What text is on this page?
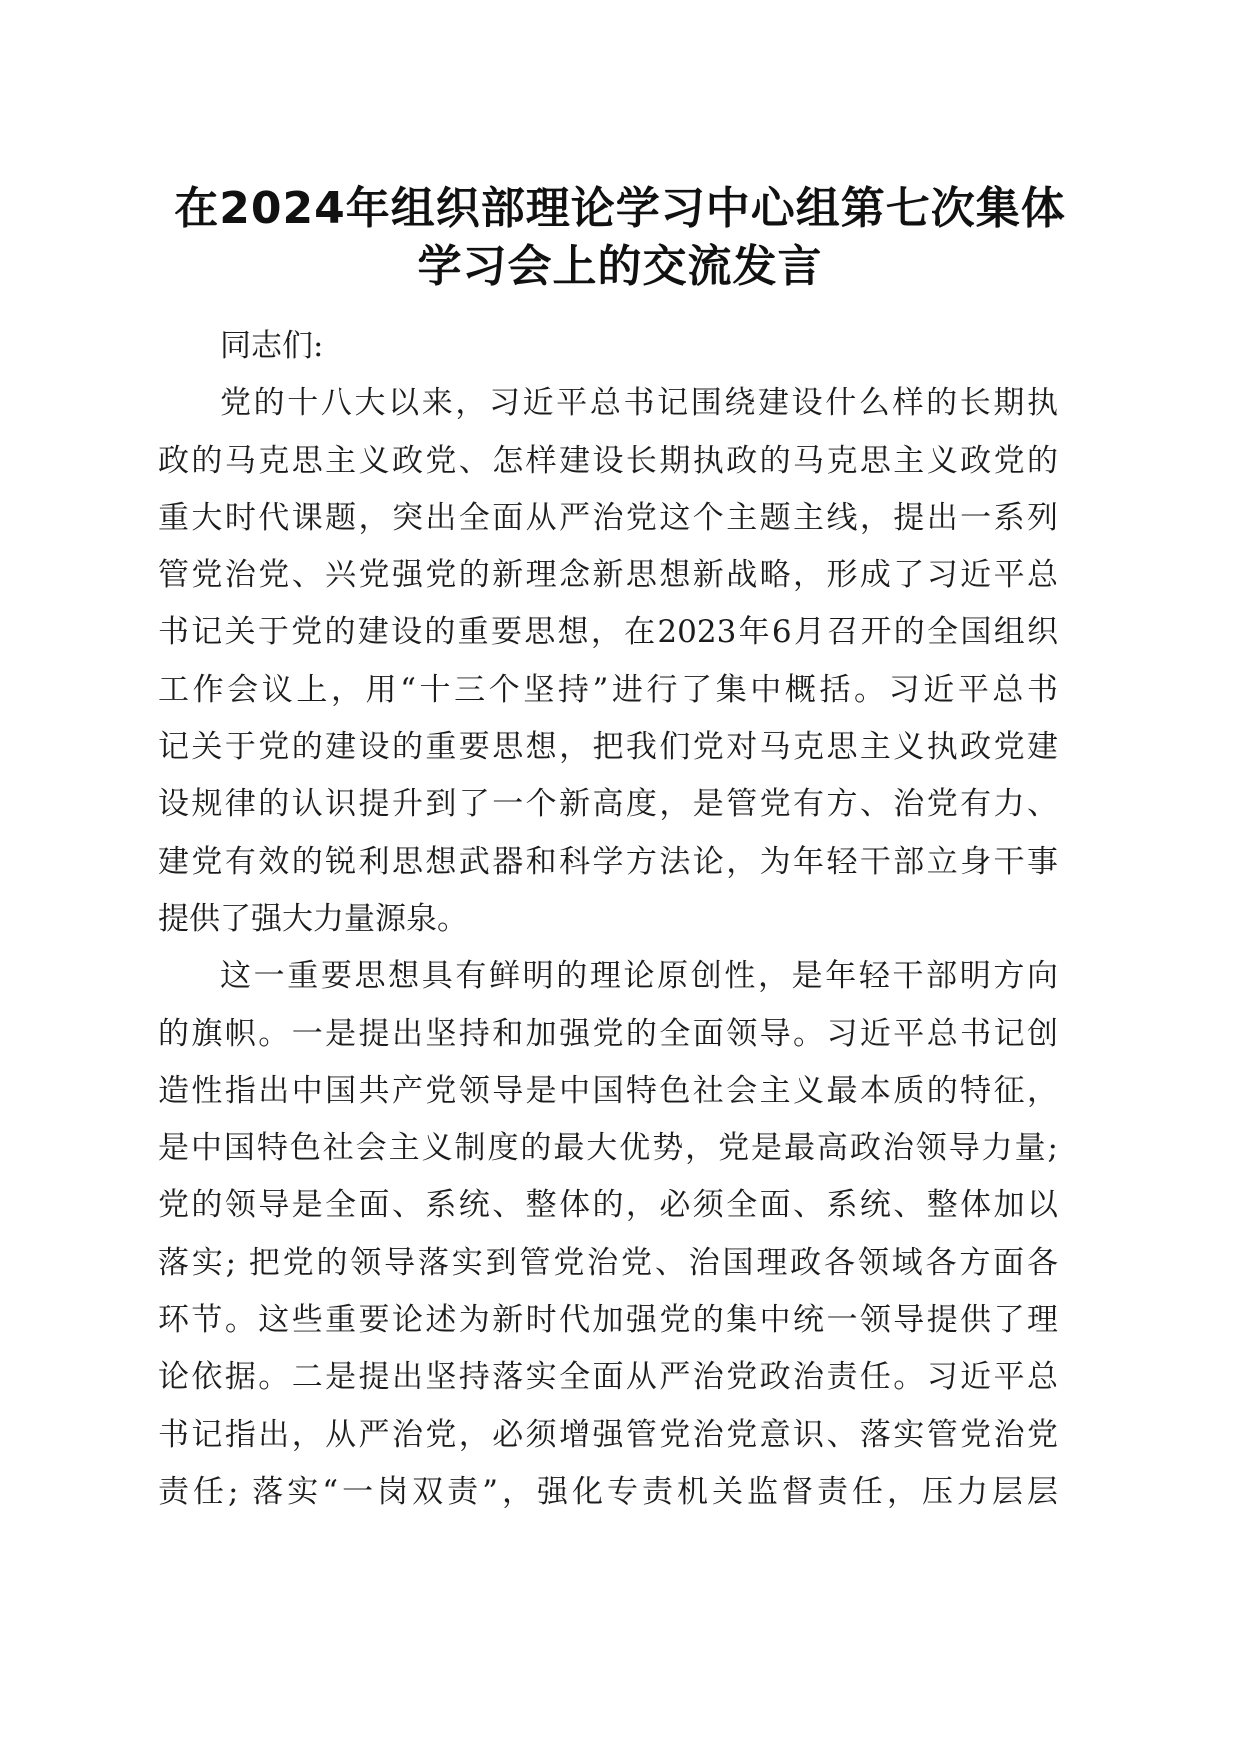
在2024年组织部理论学习中心组第七次集体
学习会上的交流发言
同志们:
党的十八大以来，习近平总书记围绕建设什么样的长期执
政的马克思主义政党、怎样建设长期执政的马克思主义政党的
重大时代课题，突出全面从严治党这个主题主线，提出一系列
管党治党、兴党强党的新理念新思想新战略，形成了习近平总
书记关于党的建设的重要思想，在2023年6月召开的全国组织
工作会议上，用“十三个坚持”进行了集中概括。习近平总书
记关于党的建设的重要思想，把我们党对马克思主义执政党建
设规律的认识提升到了一个新高度，是管党有方、治党有力、
建党有效的锐利思想武器和科学方法论，为年轻干部立身干事
提供了强大力量源泉。
这一重要思想具有鲜明的理论原创性，是年轻干部明方向
的旗帜。一是提出坚持和加强党的全面领导。习近平总书记创
造性指出中国共产党领导是中国特色社会主义最本质的特征，
是中国特色社会主义制度的最大优势，党是最高政治领导力量;
党的领导是全面、系统、整体的，必须全面、系统、整体加以
落实; 把党的领导落实到管党治党、治国理政各领域各方面各
环节。这些重要论述为新时代加强党的集中统一领导提供了理
论依据。二是提出坚持落实全面从严治党政治责任。习近平总
书记指出，从严治党，必须增强管党治党意识、落实管党治党
责任; 落实“一岗双责”，强化专责机关监督责任，压力层层
